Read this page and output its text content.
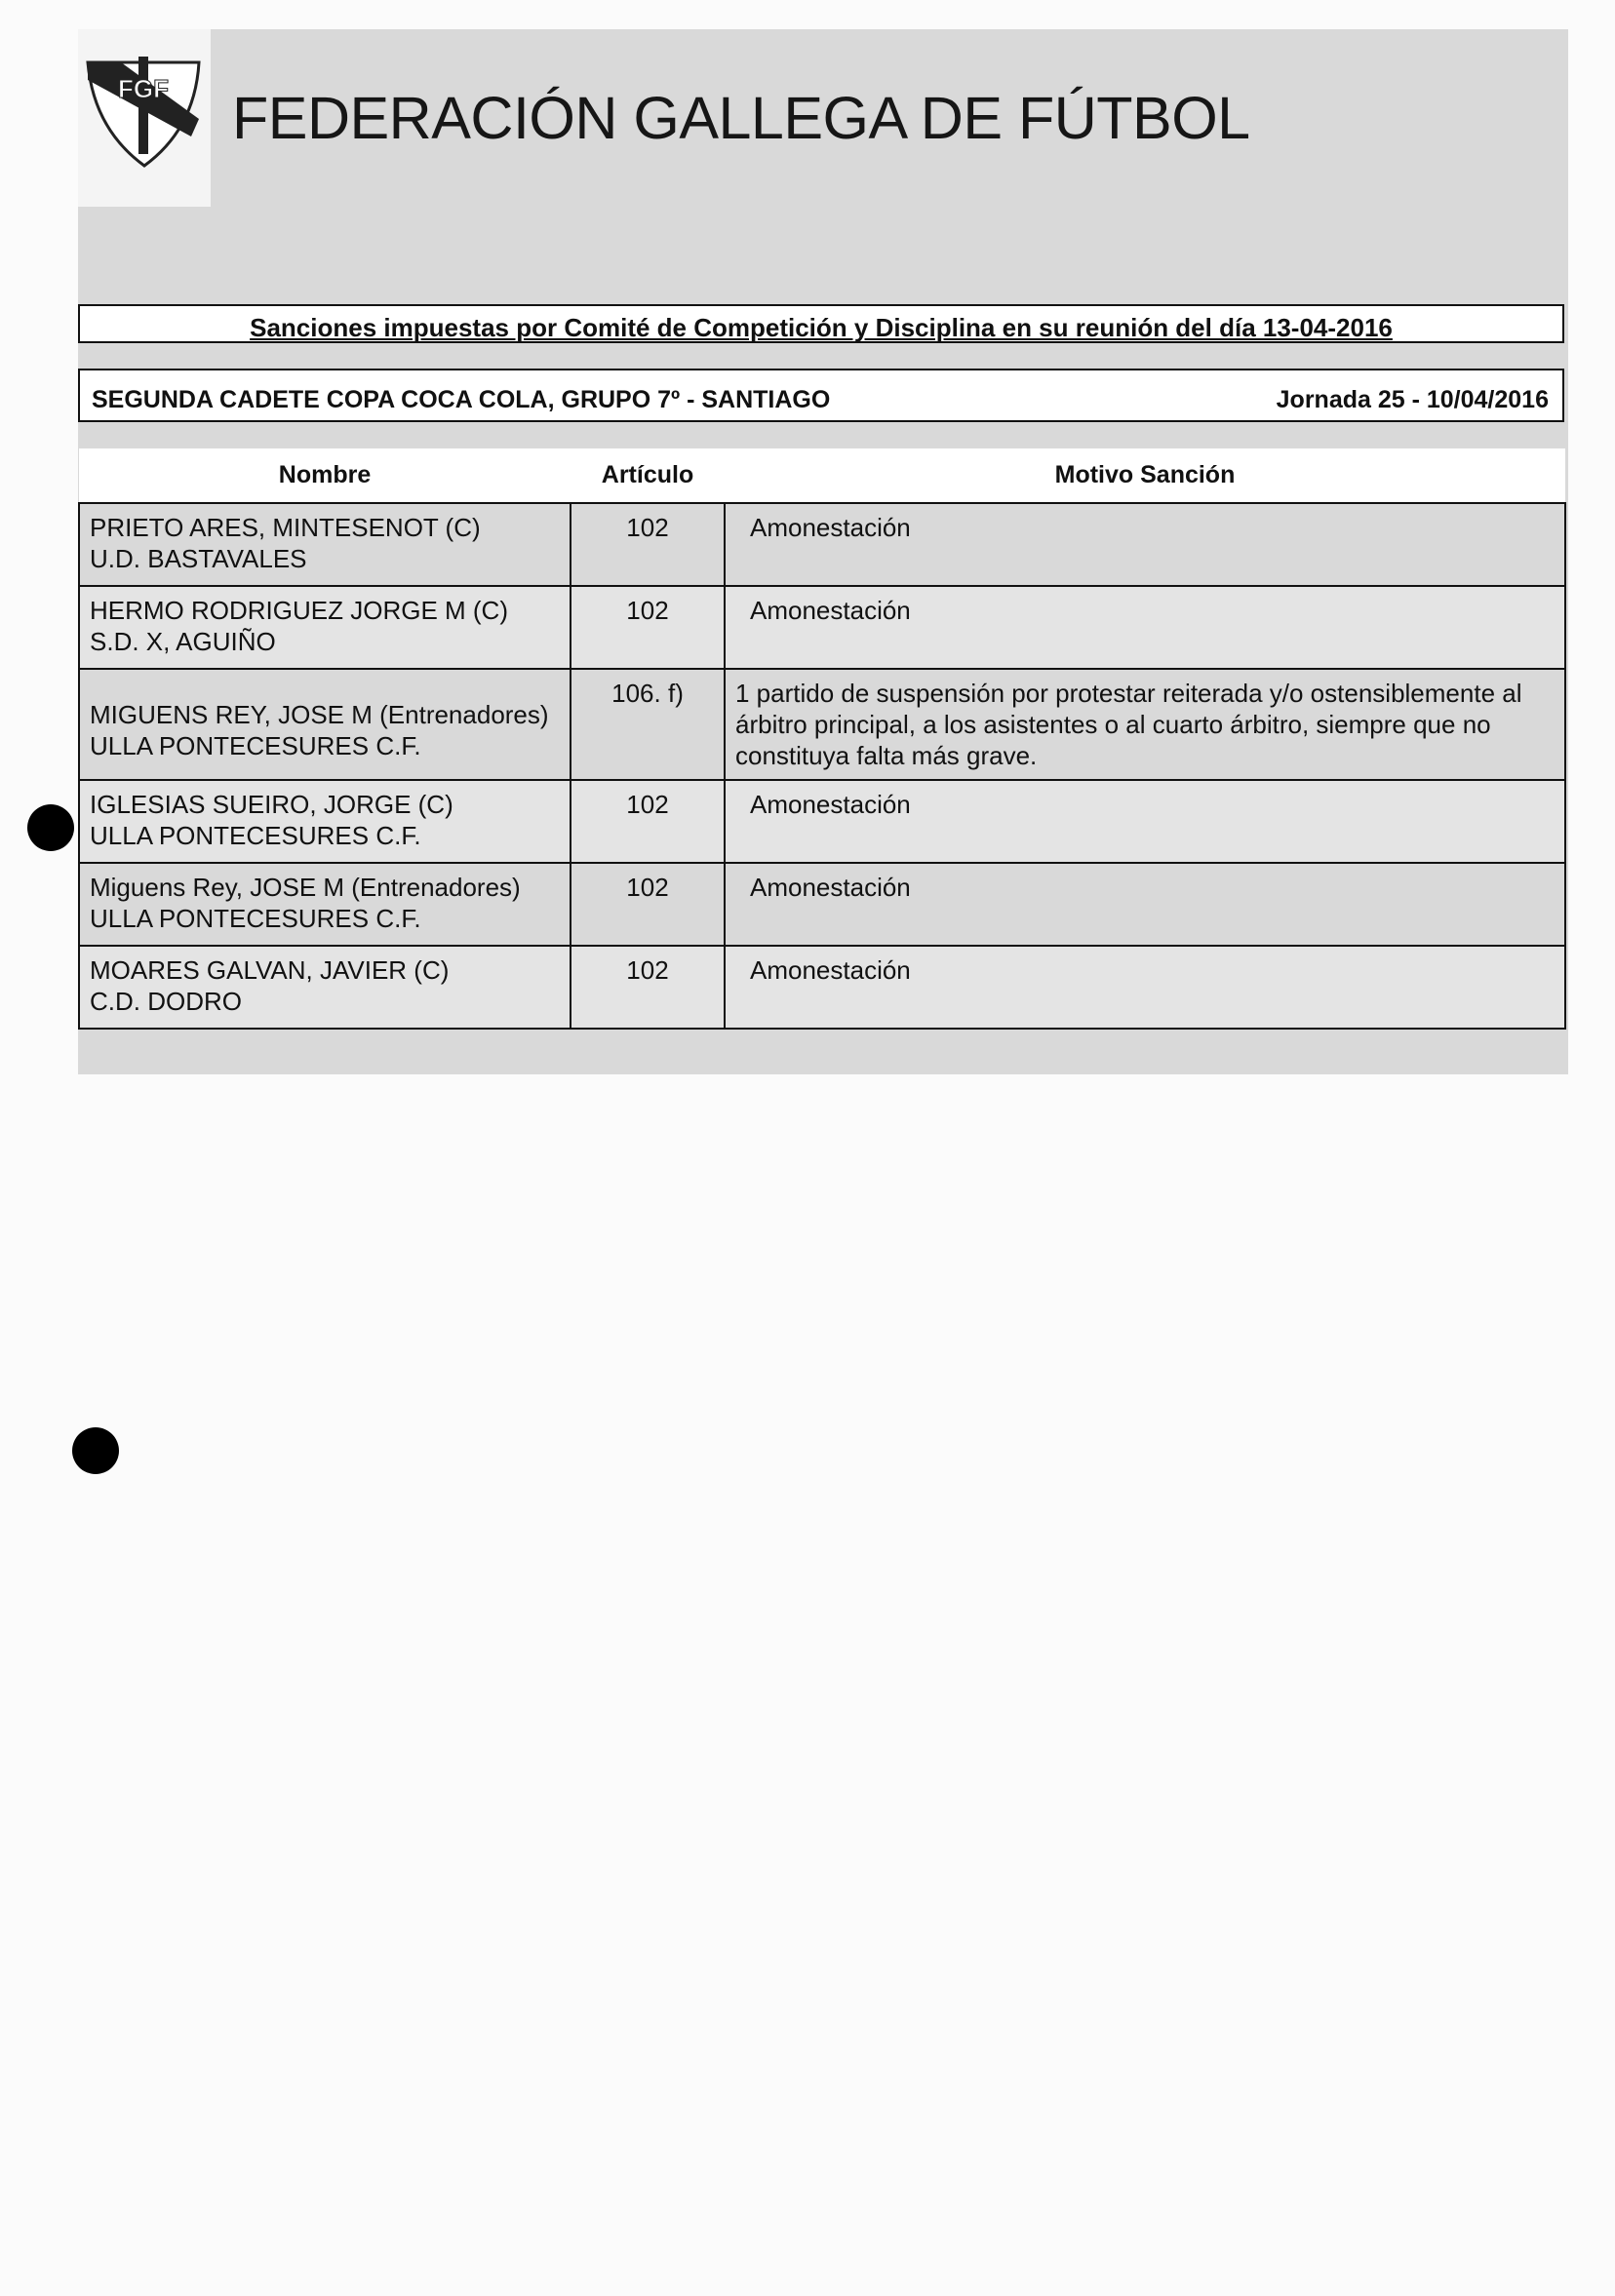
FGF FEDERACIÓN GALLEGA DE FÚTBOL
Sanciones impuestas por Comité de Competición y Disciplina en su reunión del día 13-04-2016
SEGUNDA CADETE COPA COCA COLA, GRUPO 7º - SANTIAGO	Jornada 25 - 10/04/2016
Nombre	Artículo	Motivo Sanción

PRIETO ARES, MINTESENOT (C)
U.D. BASTAVALES	102	Amonestación

HERMO RODRIGUEZ JORGE M (C)
S.D. X, AGUIÑO	102	Amonestación

MIGUENS REY, JOSE M (Entrenadores)
ULLA PONTECESURES C.F.	106. f)	1 partido de suspensión por protestar reiterada y/o ostensiblemente al árbitro principal, a los asistentes o al cuarto árbitro, siempre que no constituya falta más grave.

IGLESIAS SUEIRO, JORGE (C)
ULLA PONTECESURES C.F.	102	Amonestación

Miguens Rey, JOSE M (Entrenadores)
ULLA PONTECESURES C.F.	102	Amonestación

MOARES GALVAN, JAVIER (C)
C.D. DODRO	102	Amonestación
